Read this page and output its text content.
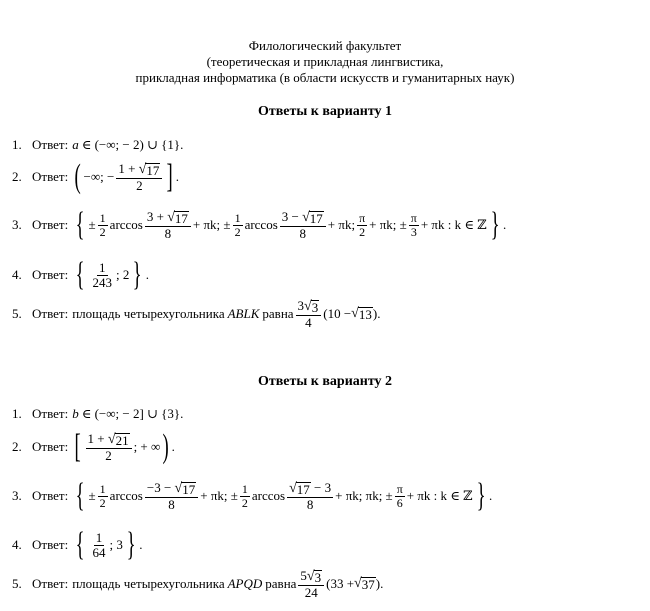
Филологический факультет
(теоретическая и прикладная лингвистика,
прикладная информатика (в области искусств и гуманитарных наук)
Ответы к варианту 1
1. Ответ: a ∈ (−∞; − 2) ∪ {1} .
2. Ответ: ( −∞; − $\frac{1 + √ 17}{2}$ ] .
3. Ответ: { ± $\frac{1}{2}$ $\arccos \frac{3 + √ 17}{8} + \pi k$; ± $\frac{1}{2}$ $\arccos \frac{3 - √ 17}{8} + \pi k$; $\frac{\pi}{2} + \pi k$; ± $\frac{\pi}{3} + \pi k$ : k ∈ ℤ } .
4. Ответ: { $\frac{1}{243}$ ; 2 } .
5. Ответ: площадь четырехугольника ABLK равна $\frac{3 √ 3}{4} (10$ − √ 13 ) .
Ответы к варианту 2
1. Ответ: b ∈ (−∞; − 2] ∪ {3} .
2. Ответ: [ $\frac{1 + √ 21}{2}$ ; + ∞ ) .
3. Ответ: { ± $\frac{1}{2}$ $\arccos \frac{-3 - √ 17}{8} + \pi k$; ± $\frac{1}{2}$ $\arccos \frac{√ 17 - 3}{8} + \pi k$; πk; ± $\frac{\pi}{6} + \pi k$ : k ∈ ℤ } .
4. Ответ: { $\frac{1}{64}$ ; 3 } .
5. Ответ: площадь четырехугольника APQD равна $\frac{5 √ 3}{24} (33$ + √ 37 ) .
